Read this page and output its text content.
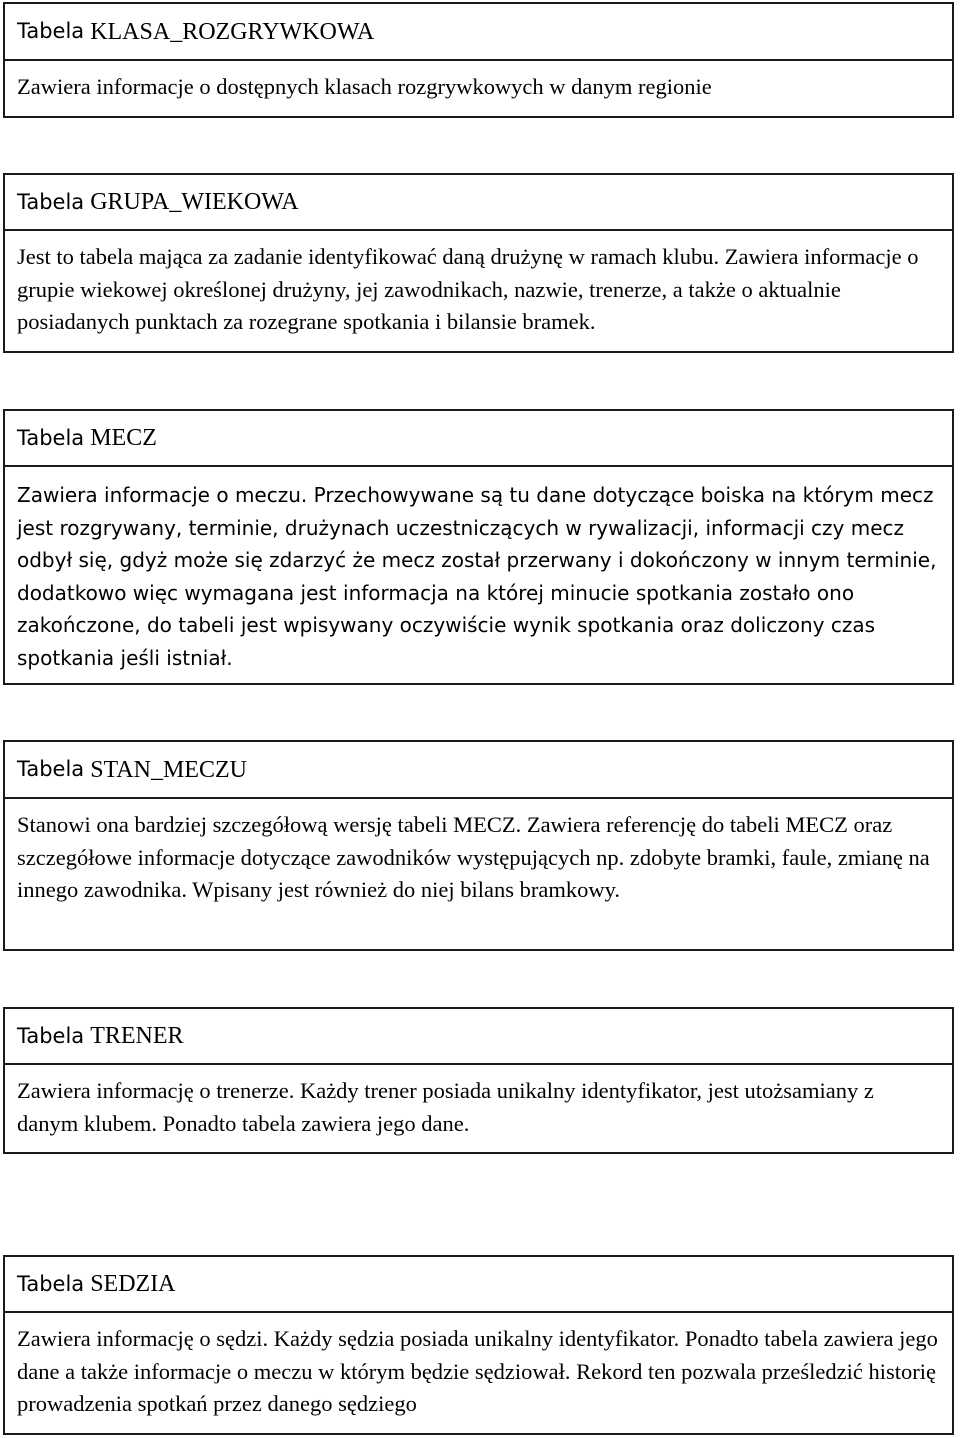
Tabela KLASA_ROZGRYWKOWA
Zawiera informacje o dostępnych klasach rozgrywkowych w danym regionie
Tabela GRUPA_WIEKOWA
Jest to tabela mająca za zadanie identyfikować daną drużynę w ramach klubu. Zawiera informacje o grupie wiekowej określonej drużyny, jej zawodnikach, nazwie, trenerze, a także o aktualnie posiadanych punktach za rozegrane spotkania i bilansie bramek.
Tabela MECZ
Zawiera informacje o meczu. Przechowywane są tu dane dotyczące boiska na którym mecz jest rozgrywany, terminie, drużynach uczestniczących w rywalizacji, informacji czy mecz odbył się, gdyż może się zdarzyć że mecz został przerwany i dokończony w innym terminie, dodatkowo więc wymagana jest informacja na której minucie spotkania zostało ono zakończone, do tabeli jest wpisywany oczywiście wynik spotkania oraz doliczony czas spotkania jeśli istniał.
Tabela STAN_MECZU
Stanowi ona bardziej szczegółową wersję tabeli MECZ. Zawiera referencję do tabeli MECZ oraz szczegółowe informacje dotyczące zawodników występujących np. zdobyte bramki, faule, zmianę na innego zawodnika. Wpisany jest również do niej bilans bramkowy.
Tabela TRENER
Zawiera informację o trenerze. Każdy trener posiada unikalny identyfikator, jest utożsamiany z danym klubem. Ponadto tabela zawiera jego dane.
Tabela SEDZIA
Zawiera informację o sędzi. Każdy sędzia posiada unikalny identyfikator. Ponadto tabela zawiera jego dane a także informacje o meczu w którym będzie sędziował. Rekord ten pozwala prześledzić historię prowadzenia spotkań przez danego sędziego
